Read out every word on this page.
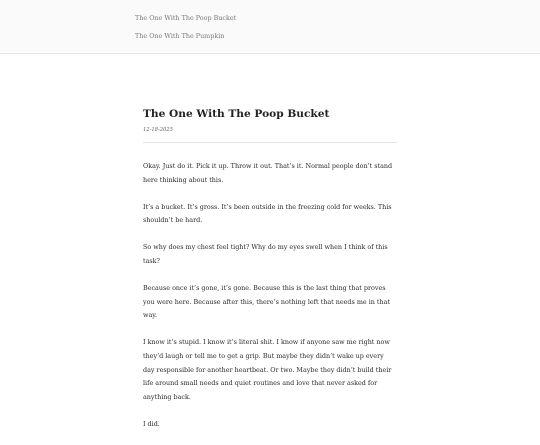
The One With The Poop Bucket
The One With The Pumpkin
The One With The Poop Bucket
12-18-2025

Okay. Just do it. Pick it up. Throw it out. That’s it. Normal people don’t stand here thinking about this.

It’s a bucket. It’s gross. It’s been outside in the freezing cold for weeks. This shouldn’t be hard.

So why does my chest feel tight? Why do my eyes swell when I think of this task?

Because once it’s gone, it’s gone. Because this is the last thing that proves you were here. Because after this, there’s nothing left that needs me in that way.

I know it’s stupid. I know it’s literal shit. I know if anyone saw me right now they’d laugh or tell me to get a grip. But maybe they didn’t wake up every day responsible for another heartbeat. Or two. Maybe they didn’t build their life around small needs and quiet routines and love that never asked for anything back.

I did.
